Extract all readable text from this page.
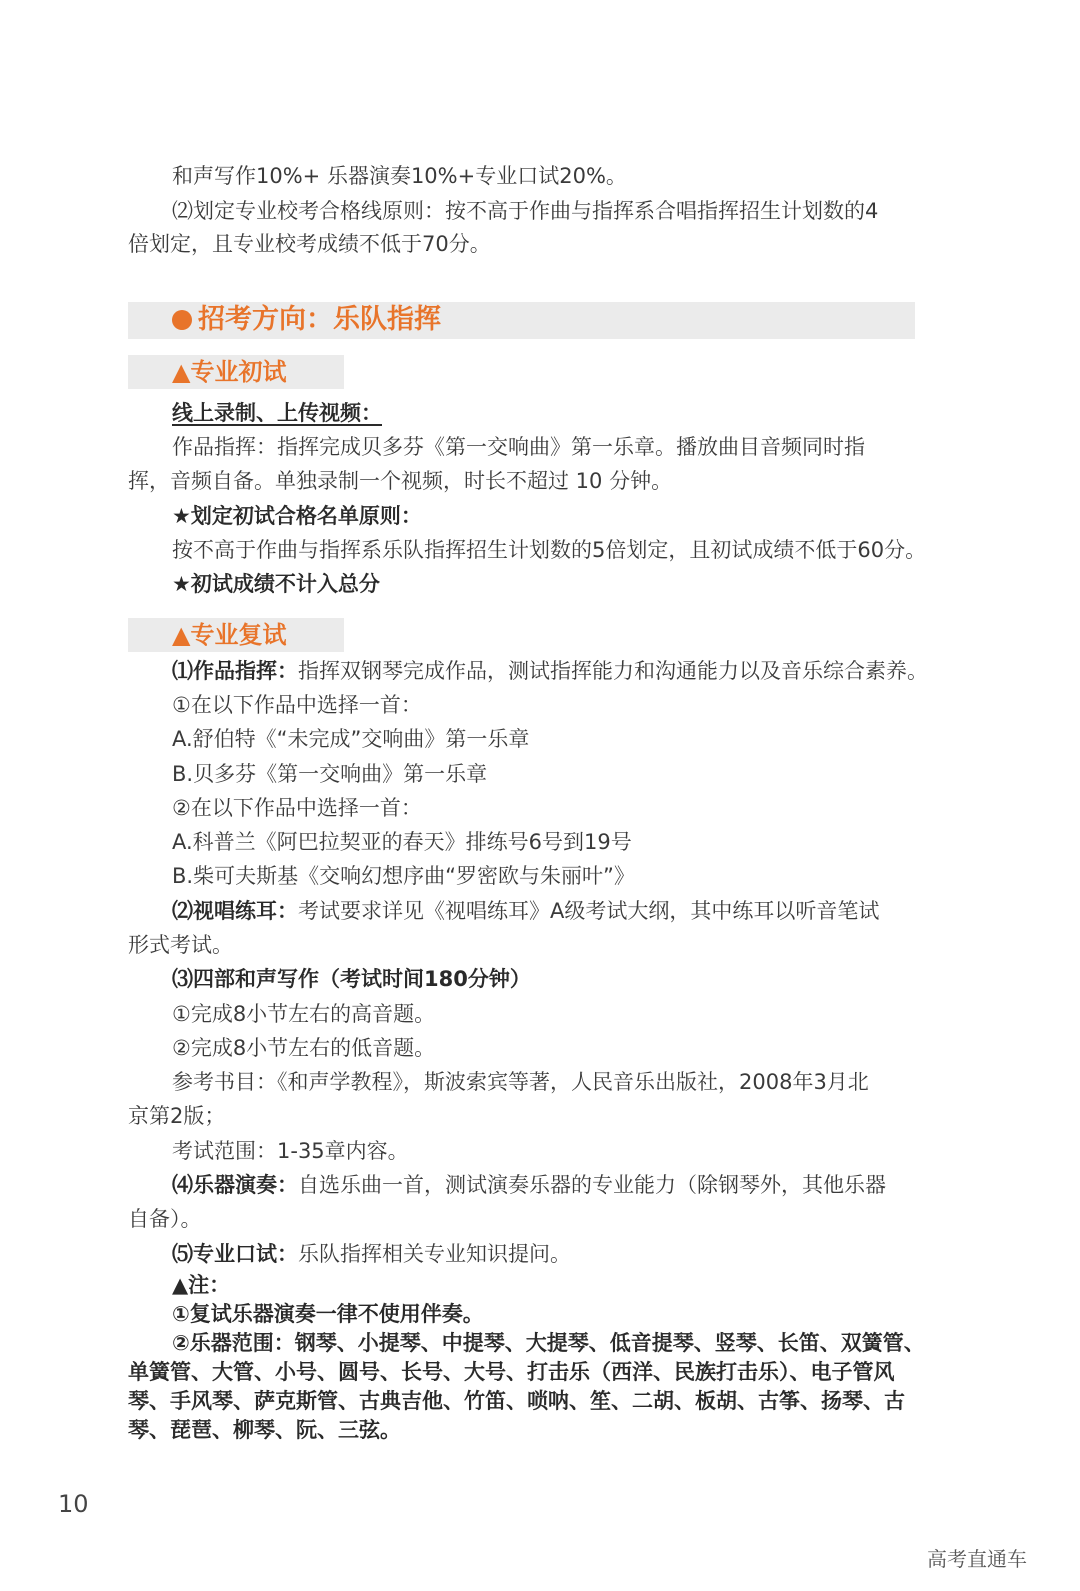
和声写作10%+ 乐器演奏10%+专业口试20%。
⑵划定专业校考合格线原则：按不高于作曲与指挥系合唱指挥招生计划数的4
倍划定，且专业校考成绩不低于70分。
招考方向：乐队指挥
▲专业初试
线上录制、上传视频：
作品指挥：指挥完成贝多芬《第一交响曲》第一乐章。播放曲目音频同时指
挥，音频自备。单独录制一个视频，时长不超过 10 分钟。
★划定初试合格名单原则：
按不高于作曲与指挥系乐队指挥招生计划数的5倍划定，且初试成绩不低于60分。
★初试成绩不计入总分
▲专业复试
⑴作品指挥：指挥双钢琴完成作品，测试指挥能力和沟通能力以及音乐综合素养。
①在以下作品中选择一首：
A.舒伯特《“未完成”交响曲》第一乐章
B.贝多芬《第一交响曲》第一乐章
②在以下作品中选择一首：
A.科普兰《阿巴拉契亚的春天》排练号6号到19号
B.柴可夫斯基《交响幻想序曲“罗密欧与朱丽叶”》
⑵视唱练耳：考试要求详见《视唱练耳》A级考试大纲，其中练耳以听音笔试
形式考试。
⑶四部和声写作（考试时间180分钟）
①完成8小节左右的高音题。
②完成8小节左右的低音题。
参考书目：《和声学教程》，斯波索宾等著，人民音乐出版社，2008年3月北
京第2版；
考试范围：1-35章内容。
⑷乐器演奏：自选乐曲一首，测试演奏乐器的专业能力（除钢琴外，其他乐器
自备）。
⑸专业口试：乐队指挥相关专业知识提问。
▲注：
①复试乐器演奏一律不使用伴奏。
②乐器范围：钢琴、小提琴、中提琴、大提琴、低音提琴、竖琴、长笛、双簧管、
单簧管、大管、小号、圆号、长号、大号、打击乐（西洋、民族打击乐）、电子管风
琴、手风琴、萨克斯管、古典吉他、竹笛、唢呐、笙、二胡、板胡、古筝、扬琴、古
琴、琵琶、柳琴、阮、三弦。
10
高考直通车
